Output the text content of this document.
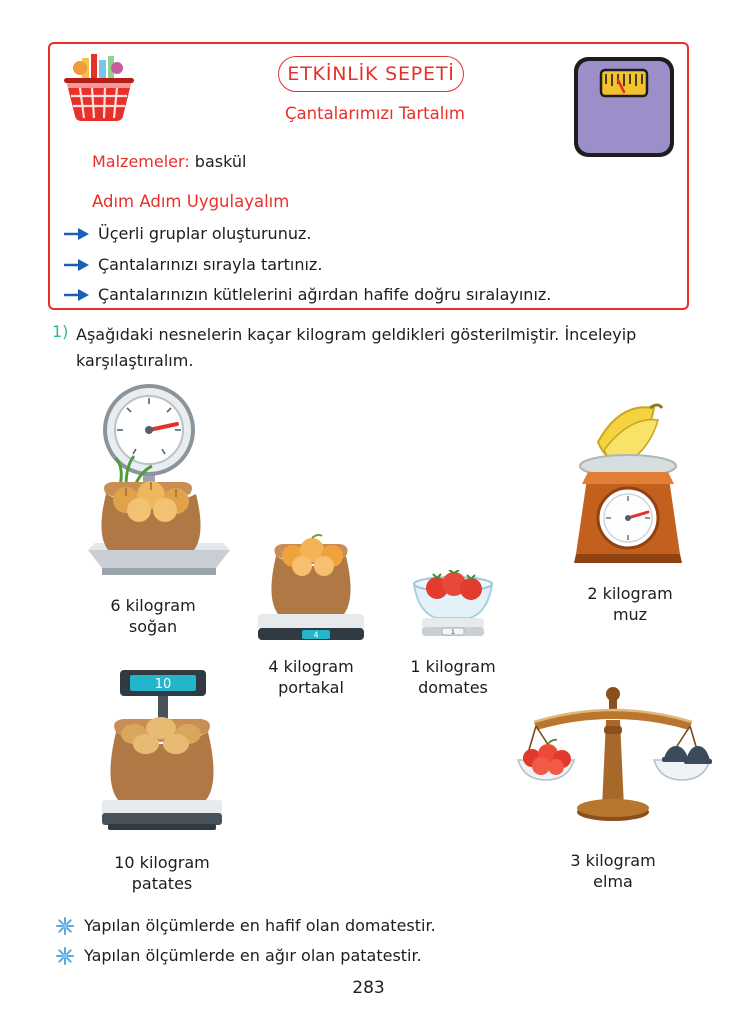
ETKİNLİK SEPETİ
Çantalarımızı Tartalım
Malzemeler: baskül
Adım Adım Uygulayalım
Üçerli gruplar oluşturunuz.
Çantalarınızı sırayla tartınız.
Çantalarınızın kütlelerini ağırdan hafife doğru sıralayınız.
1) Aşağıdaki nesnelerin kaçar kilogram geldikleri gösterilmiştir. İnceleyip karşılaştıralım.
6 kilogram
soğan	4
4 kilogram
portakal
1
1 kilogram
domates
2 kilogram
muz
10
10 kilogram
patates
3 kilogram
elma
Yapılan ölçümlerde en hafif olan domatestir.
Yapılan ölçümlerde en ağır olan patatestir.
283
